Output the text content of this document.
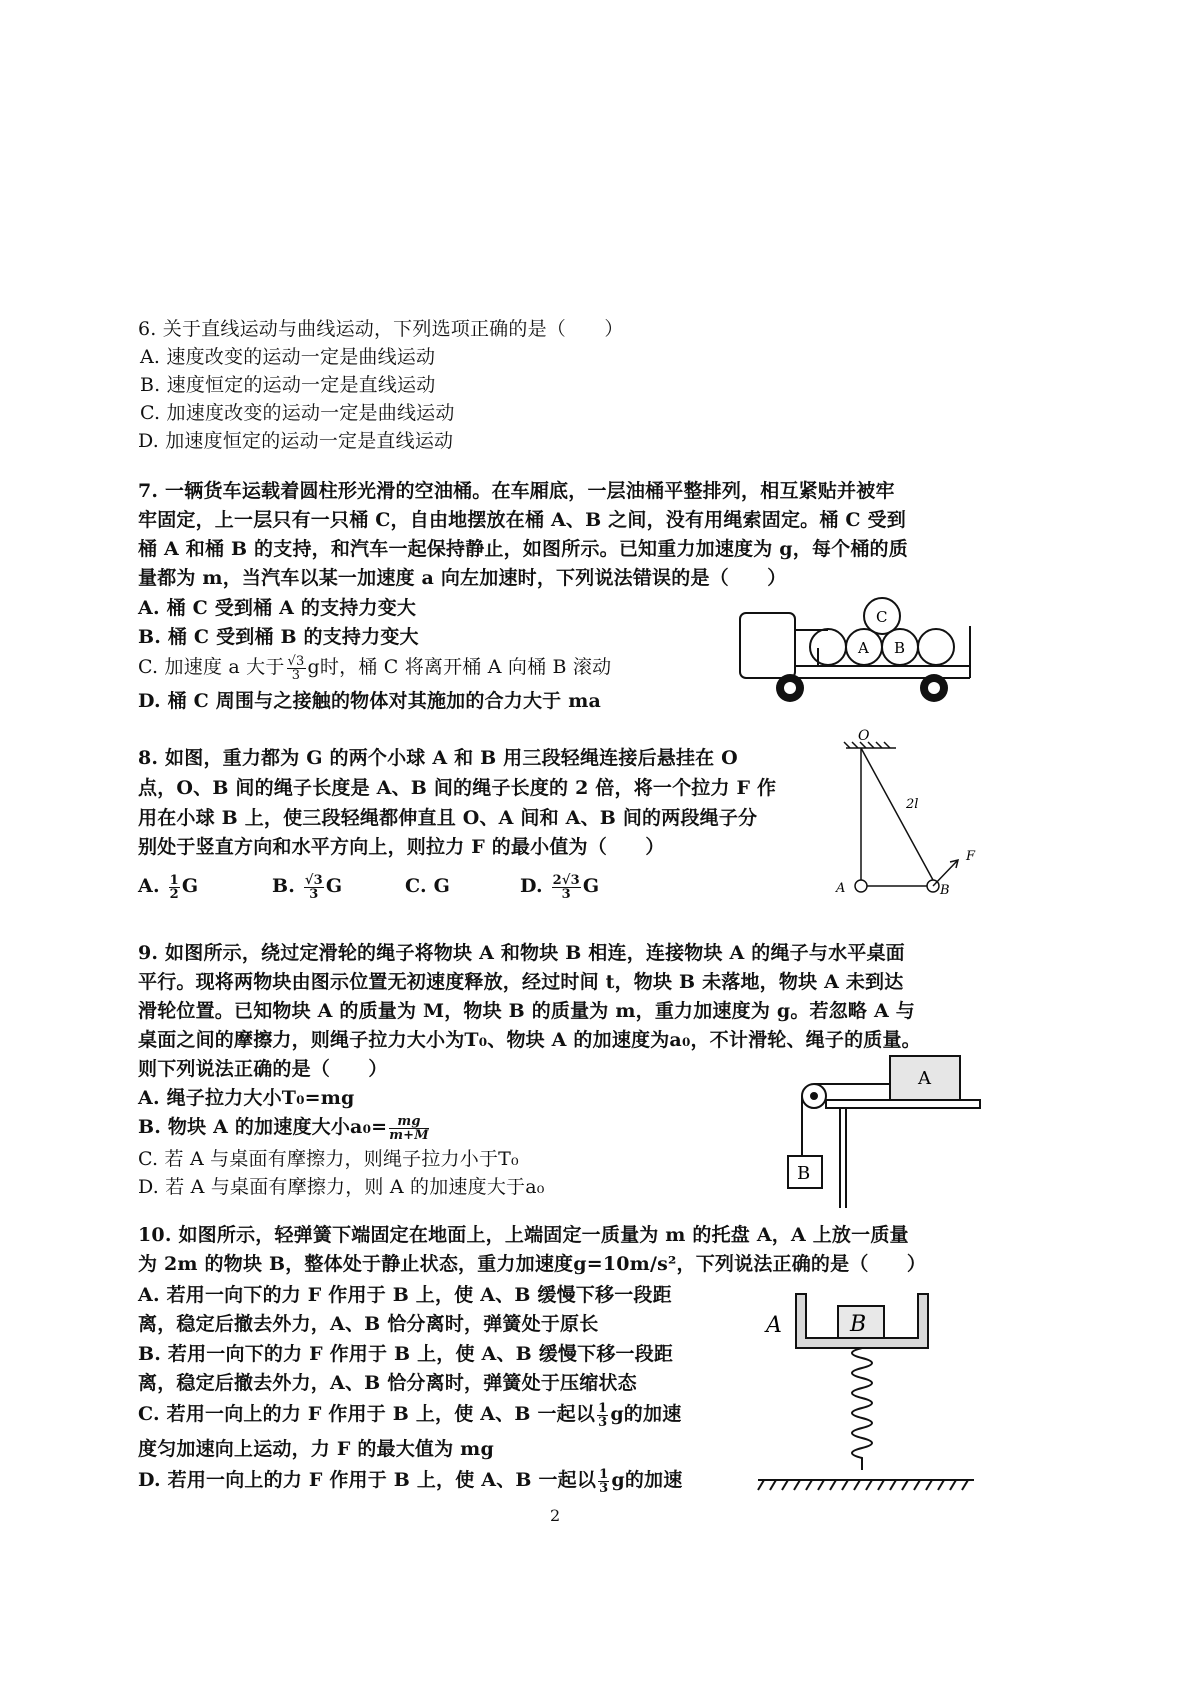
6. 关于直线运动与曲线运动，下列选项正确的是（　　）
A. 速度改变的运动一定是曲线运动
B. 速度恒定的运动一定是直线运动
C. 加速度改变的运动一定是曲线运动
D. 加速度恒定的运动一定是直线运动
7. 一辆货车运载着圆柱形光滑的空油桶。在车厢底，一层油桶平整排列，相互紧贴并被牢
牢固定，上一层只有一只桶 C，自由地摆放在桶 A、B 之间，没有用绳索固定。桶 C 受到
桶 A 和桶 B 的支持，和汽车一起保持静止，如图所示。已知重力加速度为 g，每个桶的质
量都为 m，当汽车以某一加速度 a 向左加速时，下列说法错误的是（　　）
A. 桶 C 受到桶 A 的支持力变大
B. 桶 C 受到桶 B 的支持力变大
C. 加速度 a 大于 $\frac{√3}{3}$ g时，桶 C 将离开桶 A 向桶 B 滚动
D. 桶 C 周围与之接触的物体对其施加的合力大于 ma
A B
C
8. 如图，重力都为 G 的两个小球 A 和 B 用三段轻绳连接后悬挂在 O
点，O、B 间的绳子长度是 A、B 间的绳子长度的 2 倍，将一个拉力 F 作
用在小球 B 上，使三段轻绳都伸直且 O、A 间和 A、B 间的两段绳子分
别处于竖直方向和水平方向上，则拉力 F 的最小值为（　　）
A. $\frac{1}{2}$ G	B. $\frac{√3}{3}$ G	C. G	D. $\frac{2√3}{3}$ G
O
2l
F
A	B
9. 如图所示，绕过定滑轮的绳子将物块 A 和物块 B 相连，连接物块 A 的绳子与水平桌面
平行。现将两物块由图示位置无初速度释放，经过时间 t，物块 B 未落地，物块 A 未到达
滑轮位置。已知物块 A 的质量为 M，物块 B 的质量为 m，重力加速度为 g。若忽略 A 与
桌面之间的摩擦力，则绳子拉力大小为T₀、物块 A 的加速度为a₀，不计滑轮、绳子的质量。
则下列说法正确的是（　　）
A. 绳子拉力大小T₀=mg
B. 物块 A 的加速度大小$a_0= \frac{mg}{m+M}$
C. 若 A 与桌面有摩擦力，则绳子拉力小于T₀
D. 若 A 与桌面有摩擦力，则 A 的加速度大于a₀
A
B
10. 如图所示，轻弹簧下端固定在地面上，上端固定一质量为 m 的托盘 A，A 上放一质量
为 2m 的物块 B，整体处于静止状态，重力加速度g=10m/s²，下列说法正确的是（　　）
A. 若用一向下的力 F 作用于 B 上，使 A、B 缓慢下移一段距
离，稳定后撤去外力，A、B 恰分离时，弹簧处于原长
B. 若用一向下的力 F 作用于 B 上，使 A、B 缓慢下移一段距
离，稳定后撤去外力，A、B 恰分离时，弹簧处于压缩状态
C. 若用一向上的力 F 作用于 B 上，使 A、B 一起以 $\frac{1}{3}$ g的加速
度匀加速向上运动，力 F 的最大值为 mg
D. 若用一向上的力 F 作用于 B 上，使 A、B 一起以 $\frac{1}{3}$ g的加速
A	B
2
